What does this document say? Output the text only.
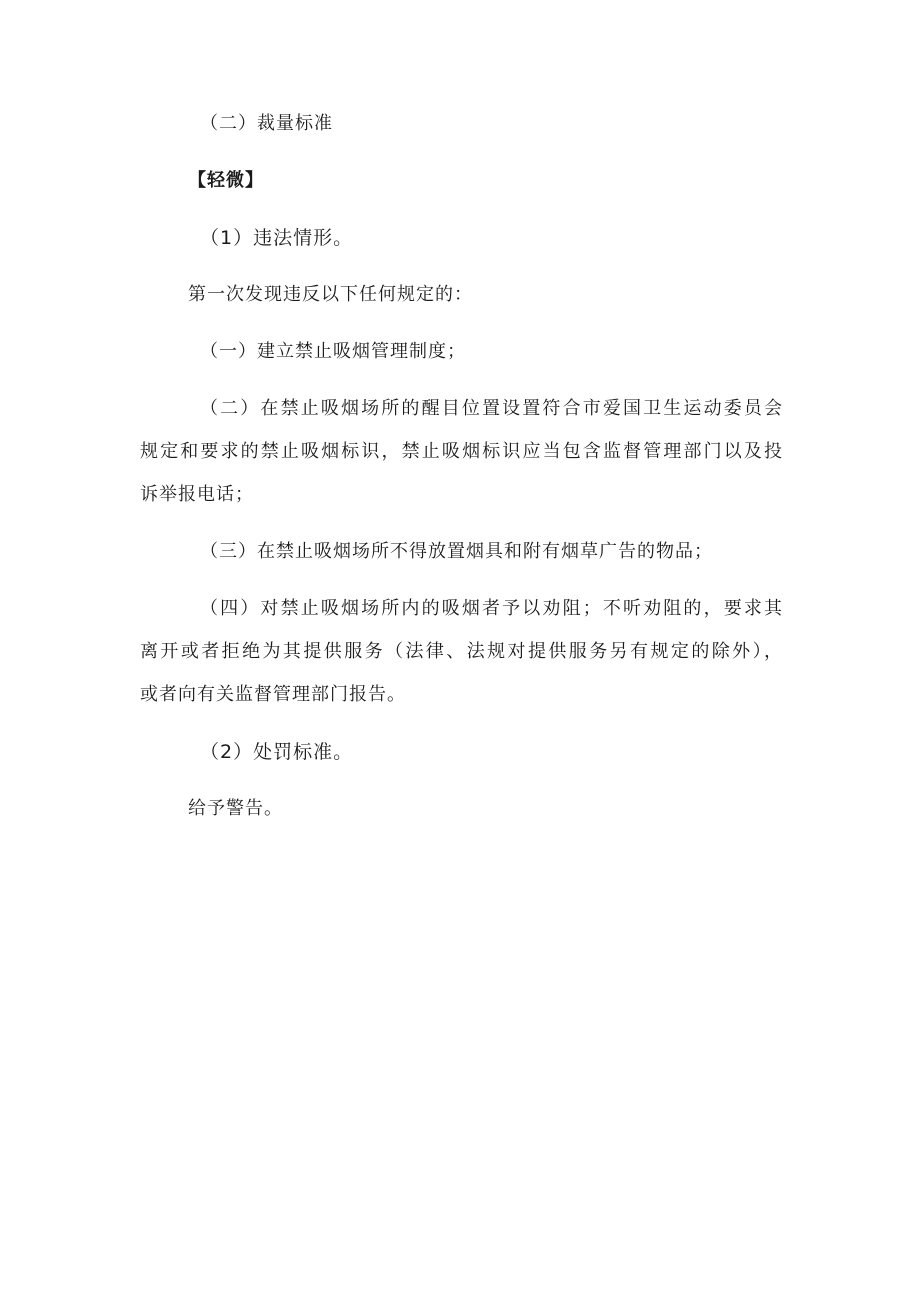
（二）裁量标准
【轻微】
（1）违法情形。
第一次发现违反以下任何规定的：
（一）建立禁止吸烟管理制度；
（二）在禁止吸烟场所的醒目位置设置符合市爱国卫生运动委员会
规定和要求的禁止吸烟标识，禁止吸烟标识应当包含监督管理部门以及投
诉举报电话；
（三）在禁止吸烟场所不得放置烟具和附有烟草广告的物品；
（四）对禁止吸烟场所内的吸烟者予以劝阻；不听劝阻的，要求其
离开或者拒绝为其提供服务（法律、法规对提供服务另有规定的除外），
或者向有关监督管理部门报告。
（2）处罚标准。
给予警告。
